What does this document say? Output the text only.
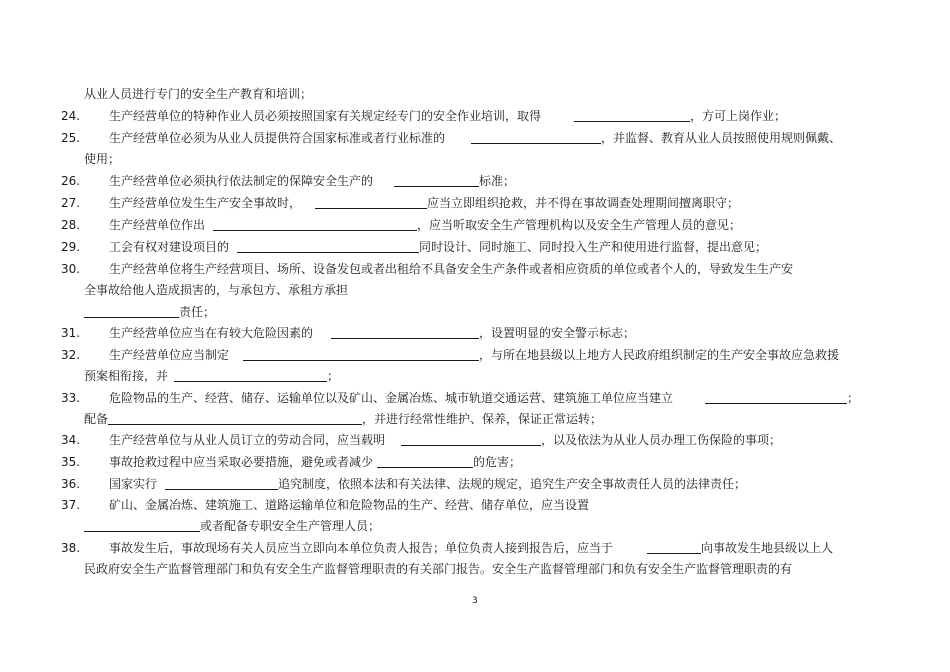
从业人员进行专门的安全生产教育和培训；
24. 生产经营单位的特种作业人员必须按照国家有关规定经专门的安全作业培训，取得	，方可上岗作业；
25. 生产经营单位必须为从业人员提供符合国家标准或者行业标准的	，并监督、教育从业人员按照使用规则佩戴、
使用；
26. 生产经营单位必须执行依法制定的保障安全生产的	标准；
27. 生产经营单位发生生产安全事故时，	应当立即组织抢救，并不得在事故调查处理期间擅离职守；
28. 生产经营单位作出	，应当听取安全生产管理机构以及安全生产管理人员的意见；
29. 工会有权对建设项目的	同时设计、同时施工、同时投入生产和使用进行监督，提出意见；
30. 生产经营单位将生产经营项目、场所、设备发包或者出租给不具备安全生产条件或者相应资质的单位或者个人的，导致发生生产安
全事故给他人造成损害的，与承包方、承租方承担
责任；
31. 生产经营单位应当在有较大危险因素的	，设置明显的安全警示标志；
32. 生产经营单位应当制定	，与所在地县级以上地方人民政府组织制定的生产安全事故应急救援
预案相衔接，并	；
33. 危险物品的生产、经营、储存、运输单位以及矿山、金属冶炼、城市轨道交通运营、建筑施工单位应当建立	；
配备	，并进行经常性维护、保养，保证正常运转；
34. 生产经营单位与从业人员订立的劳动合同，应当载明	，以及依法为从业人员办理工伤保险的事项；
35. 事故抢救过程中应当采取必要措施，避免或者减少	的危害；
36. 国家实行	追究制度，依照本法和有关法律、法规的规定，追究生产安全事故责任人员的法律责任；
37. 矿山、金属冶炼、建筑施工、道路运输单位和危险物品的生产、经营、储存单位，应当设置
或者配备专职安全生产管理人员；
38. 事故发生后，事故现场有关人员应当立即向本单位负责人报告；单位负责人接到报告后，应当于	向事故发生地县级以上人
民政府安全生产监督管理部门和负有安全生产监督管理职责的有关部门报告。安全生产监督管理部门和负有安全生产监督管理职责的有
3
